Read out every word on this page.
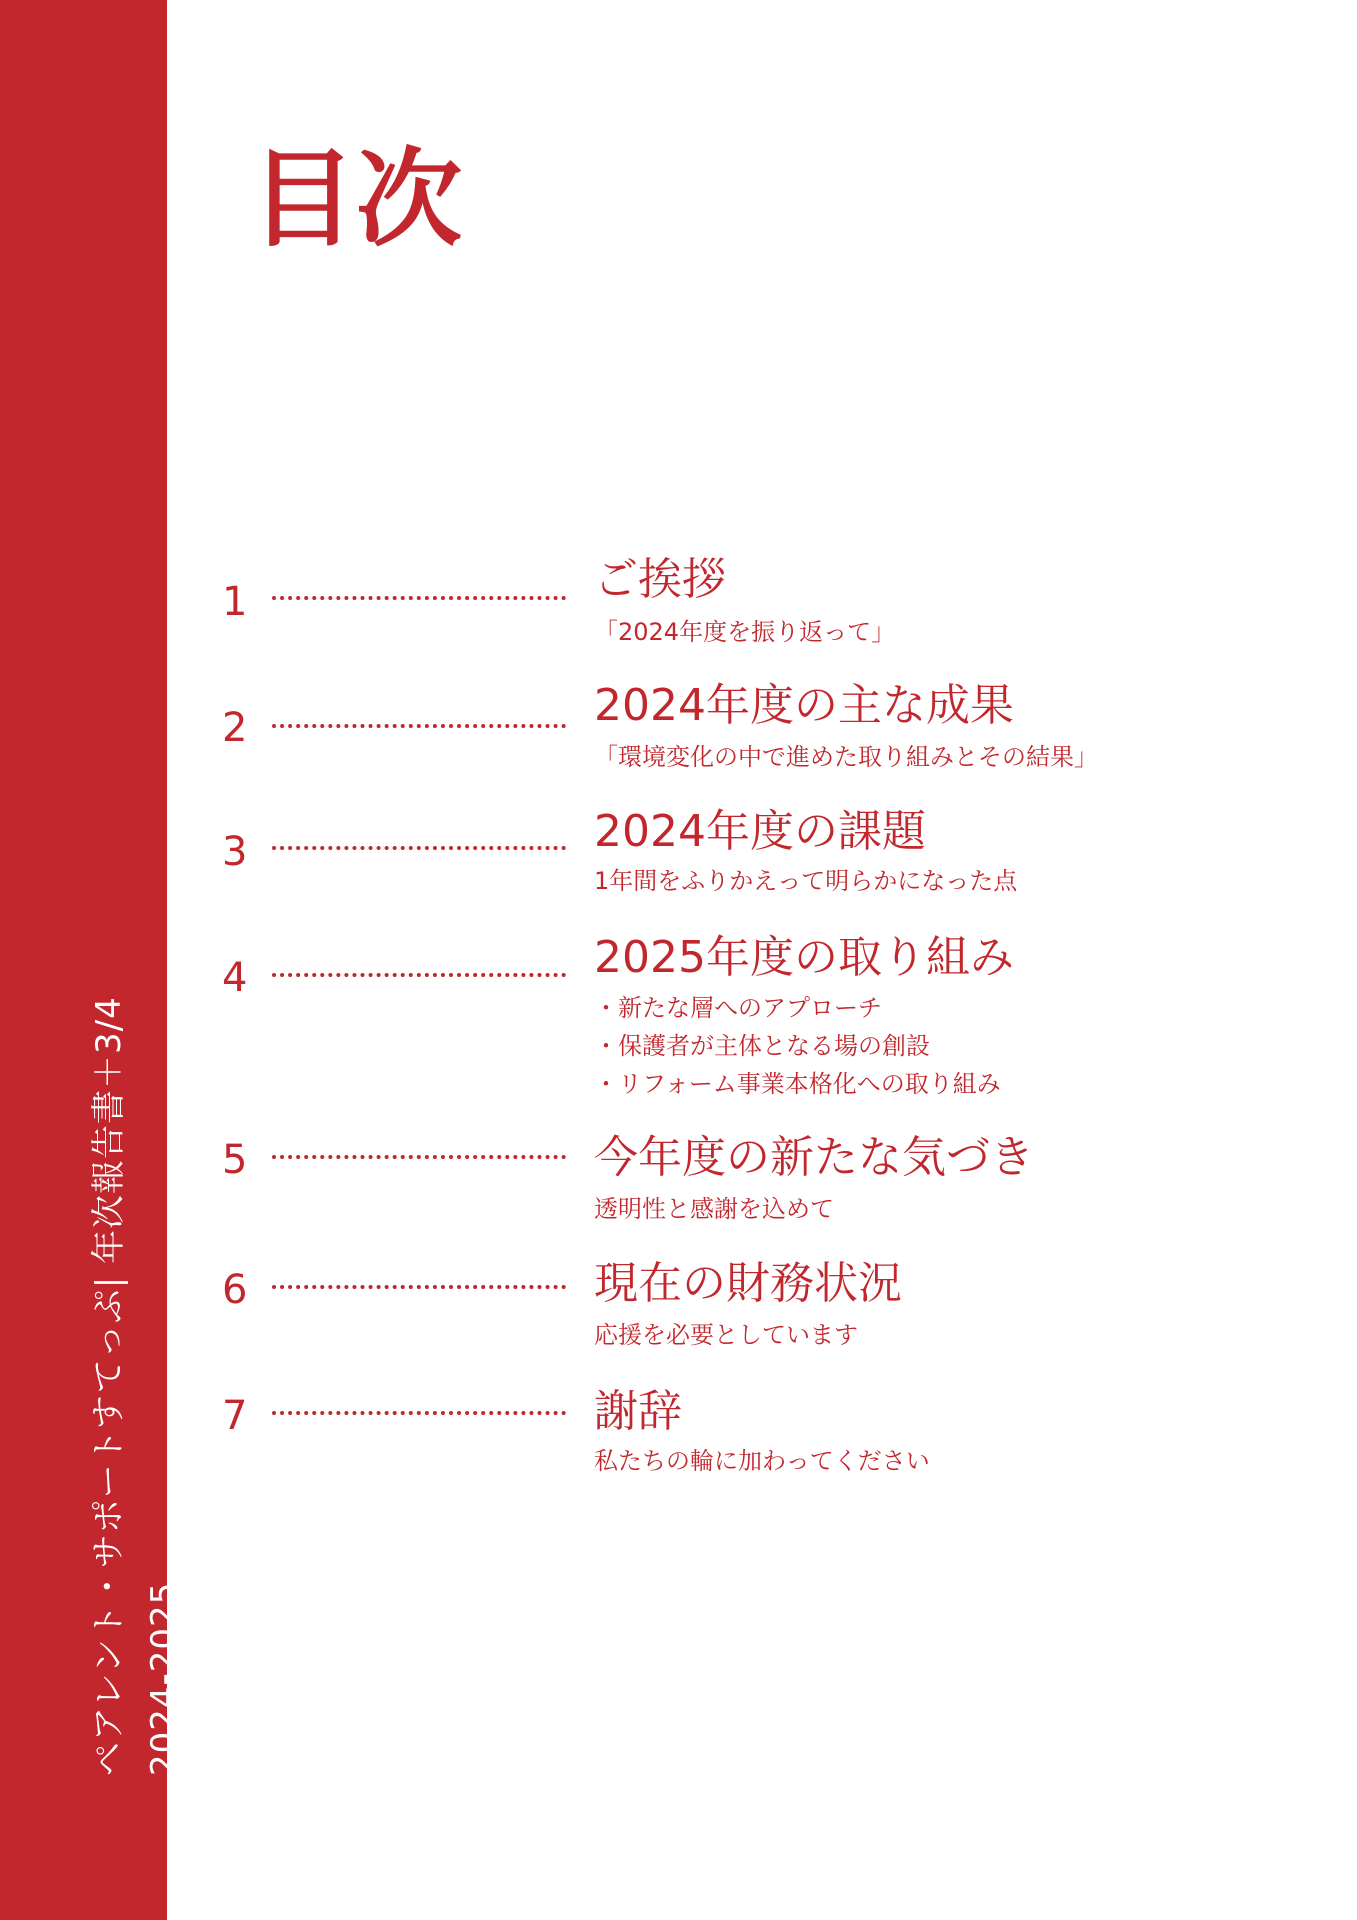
ペアレント・サポートすてっぷ| 年次報告書＋3/4 2024-2025
目次
1	ご挨拶
「2024年度を振り返って」
2	2024年度の主な成果
「環境変化の中で進めた取り組みとその結果」
3	2024年度の課題
1年間をふりかえって明らかになった点
4	2025年度の取り組み
・新たな層へのアプローチ
・保護者が主体となる場の創設
・リフォーム事業本格化への取り組み
5	今年度の新たな気づき
透明性と感謝を込めて
6	現在の財務状況
応援を必要としています
7	謝辞
私たちの輪に加わってください
